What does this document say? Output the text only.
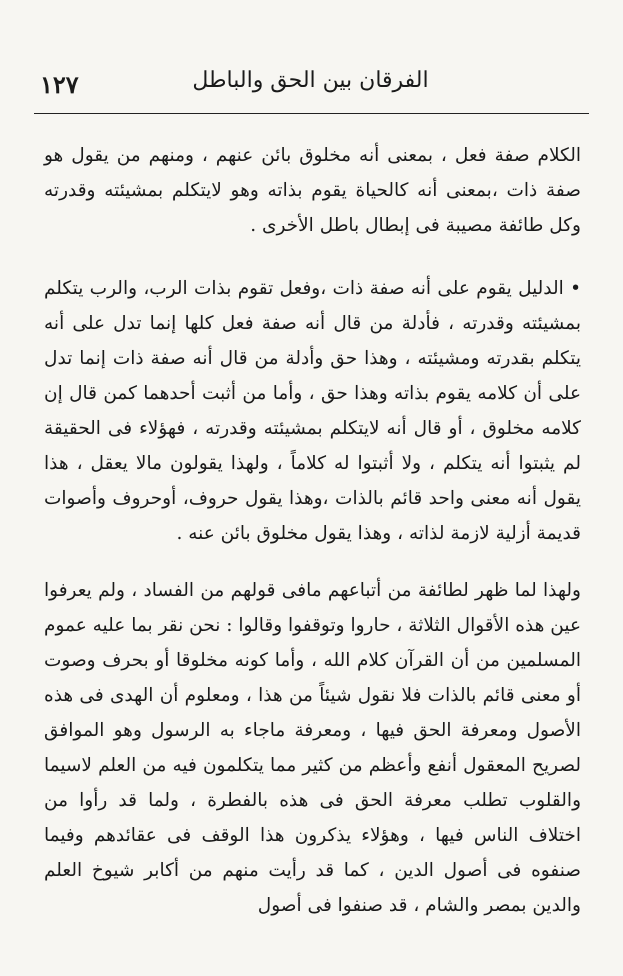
١٢٧	الفرقان بين الحق والباطل

الكلام صفة فعل ، بمعنى أنه مخلوق بائن عنهم ، ومنهم من يقول هو صفة ذات ،بمعنى أنه كالحياة يقوم بذاته وهو لايتكلم بمشيئته وقدرته وكل طائفة مصيبة فى إبطال باطل الأخرى .

• الدليل يقوم على أنه صفة ذات ،وفعل تقوم بذات الرب، والرب يتكلم بمشيئته وقدرته ، فأدلة من قال أنه صفة فعل كلها إنما تدل على أنه يتكلم بقدرته ومشيئته ، وهذا حق وأدلة من قال أنه صفة ذات إنما تدل على أن كلامه يقوم بذاته وهذا حق ، وأما من أثبت أحدهما كمن قال إن كلامه مخلوق ، أو قال أنه لايتكلم بمشيئته وقدرته ، فهؤلاء فى الحقيقة لم يثبتوا أنه يتكلم ، ولا أثبتوا له كلاماً ، ولهذا يقولون مالا يعقل ، هذا يقول أنه معنى واحد قائم بالذات ،وهذا يقول حروف، أوحروف وأصوات قديمة أزلية لازمة لذاته ، وهذا يقول مخلوق بائن عنه .

ولهذا لما ظهر لطائفة من أتباعهم مافى قولهم من الفساد ، ولم يعرفوا عين هذه الأقوال الثلاثة ، حاروا وتوقفوا وقالوا : نحن نقر بما عليه عموم المسلمين من أن القرآن كلام الله ، وأما كونه مخلوقا أو بحرف وصوت أو معنى قائم بالذات فلا نقول شيئاً من هذا ، ومعلوم أن الهدى فى هذه الأصول ومعرفة الحق فيها ، ومعرفة ماجاء به الرسول وهو الموافق لصريح المعقول أنفع وأعظم من كثير مما يتكلمون فيه من العلم لاسيما والقلوب تطلب معرفة الحق فى هذه بالفطرة ، ولما قد رأوا من اختلاف الناس فيها ، وهؤلاء يذكرون هذا الوقف فى عقائدهم وفيما صنفوه فى أصول الدين ، كما قد رأيت منهم من أكابر شيوخ العلم والدين بمصر والشام ، قد صنفوا فى أصول
